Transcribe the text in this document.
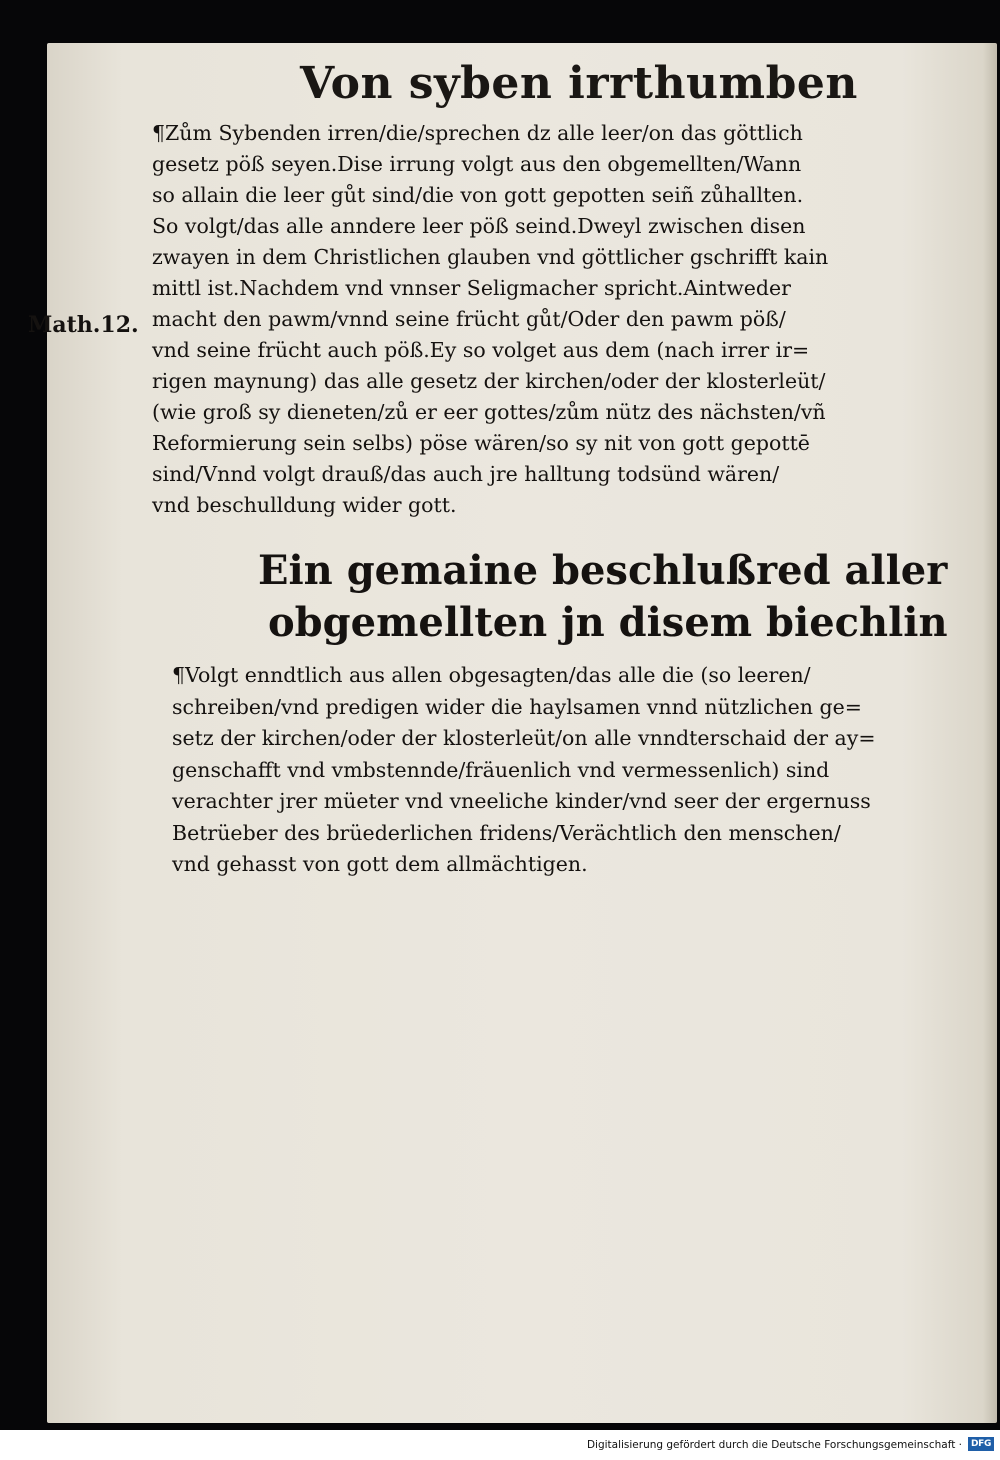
Von syben irrthumben
Math.12.

¶Zům Sybenden irren/die/sprechen dz alle leer/on das göttlich
gesetz pöß seyen.Dise irrung volgt aus den obgemellten/Wann
so allain die leer gůt sind/die von gott gepotten seiñ zůhallten.
So volgt/das alle anndere leer pöß seind.Dweyl zwischen disen
zwayen in dem Christlichen glauben vnd göttlicher gschrifft kain
mittl ist.Nachdem vnd vnnser Seligmacher spricht.Aintweder
macht den pawm/vnnd seine frücht gůt/Oder den pawm pöß/
vnd seine frücht auch pöß.Ey so volget aus dem (nach irrer ir=
rigen maynung) das alle gesetz der kirchen/oder der klosterleüt/
(wie groß sy dieneten/zů er eer gottes/zům nütz des nächsten/vñ
Reformierung sein selbs) pöse wären/so sy nit von gott gepottē
sind/Vnnd volgt drauß/das auch jre halltung todsünd wären/
vnd beschulldung wider gott.

Ein gemaine beschlußred aller
obgemellten jn disem biechlin

¶Volgt enndtlich aus allen obgesagten/das alle die (so leeren/
schreiben/vnd predigen wider die haylsamen vnnd nützlichen ge=
setz der kirchen/oder der klosterleüt/on alle vnndterschaid der ay=
genschafft vnd vmbstennde/fräuenlich vnd vermessenlich) sind
verachter jrer müeter vnd vneeliche kinder/vnd seer der ergernuss
Betrüeber des brüederlichen fridens/Verächtlich den menschen/
vnd gehasst von gott dem allmächtigen.

Digitalisierung gefördert durch die Deutsche Forschungsgemeinschaft · DFG
